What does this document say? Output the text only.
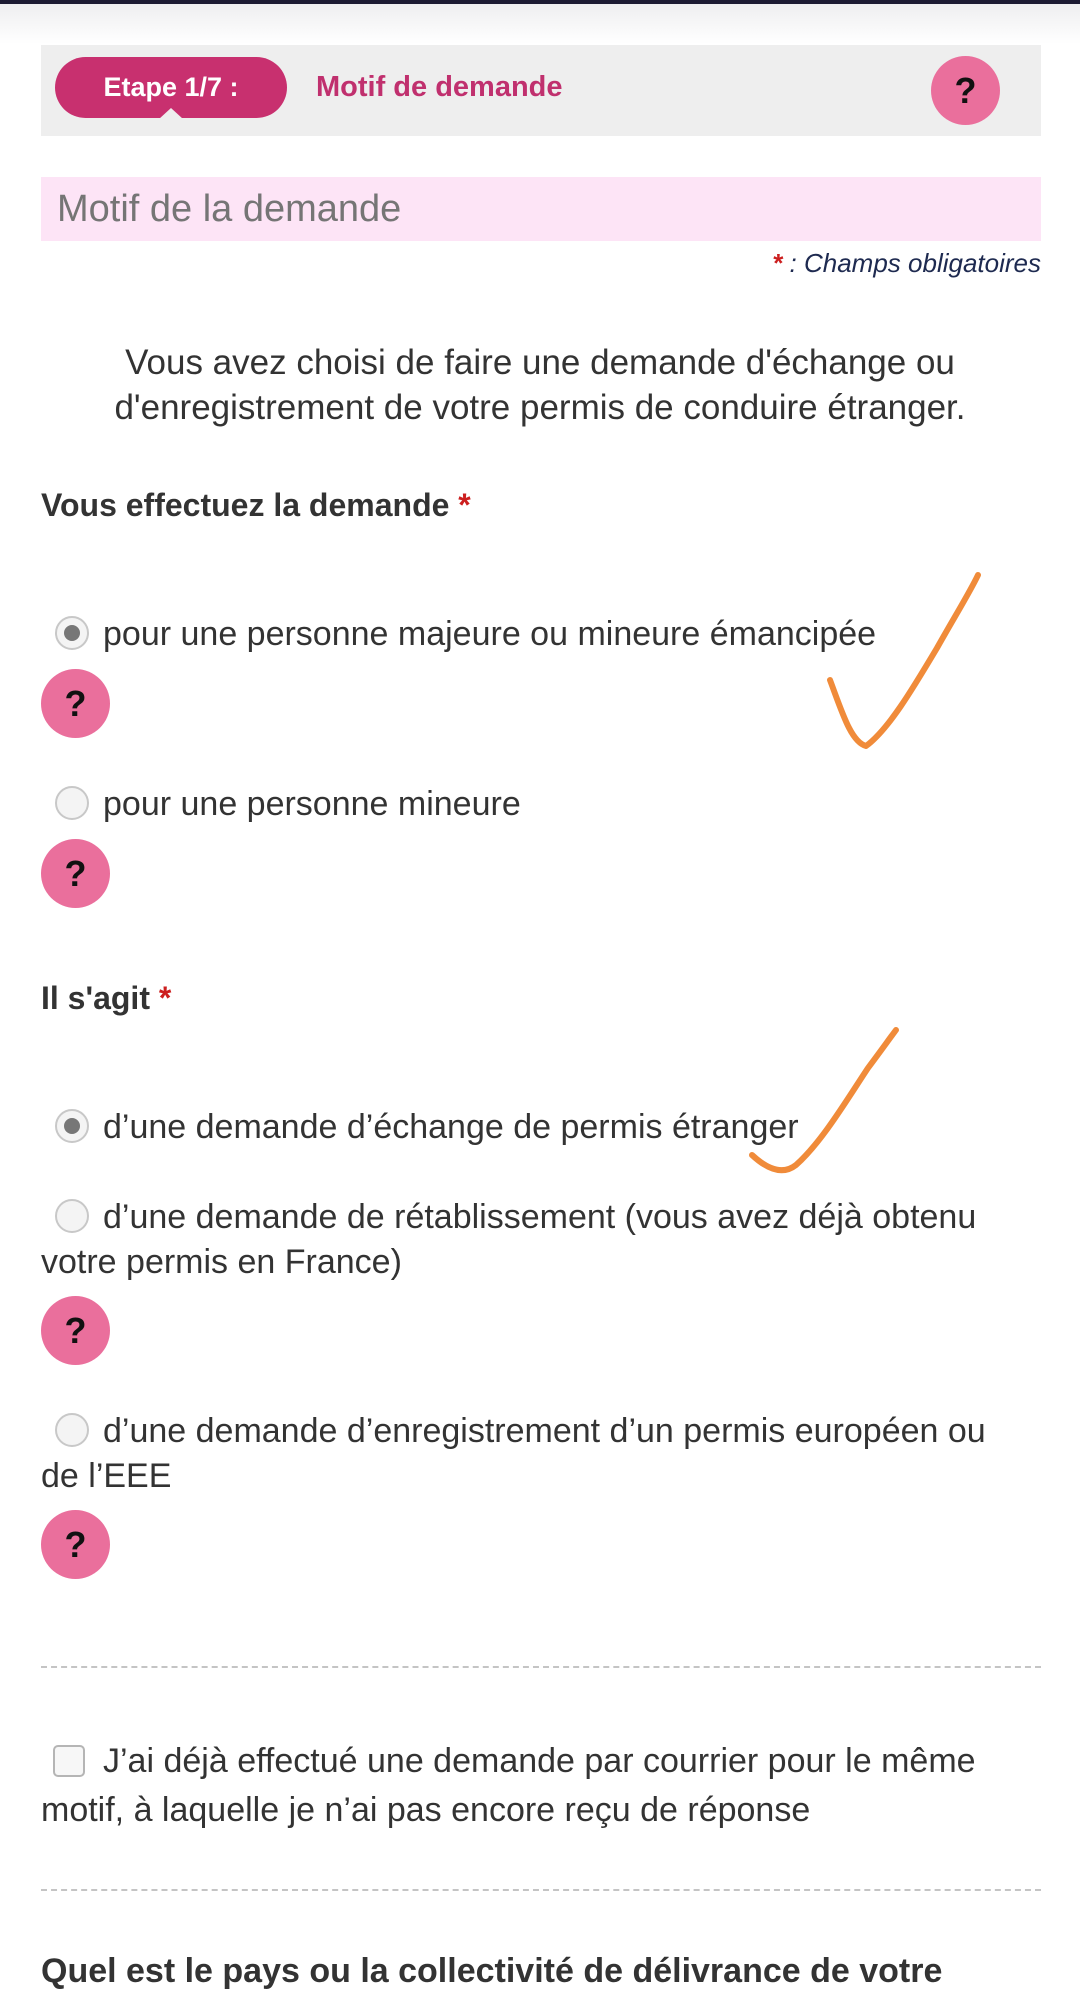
Etape 1/7 :	Motif de demande	?
Motif de la demande
* : Champs obligatoires
Vous avez choisi de faire une demande d'échange ou d'enregistrement de votre permis de conduire étranger.
Vous effectuez la demande *
pour une personne majeure ou mineure émancipée
?
pour une personne mineure
?
Il s'agit *
d’une demande d’échange de permis étranger
d’une demande de rétablissement (vous avez déjà obtenu votre permis en France)
?
d’une demande d’enregistrement d’un permis européen ou de l’EEE
?
J’ai déjà effectué une demande par courrier pour le même motif, à laquelle je n’ai pas encore reçu de réponse
Quel est le pays ou la collectivité de délivrance de votre
